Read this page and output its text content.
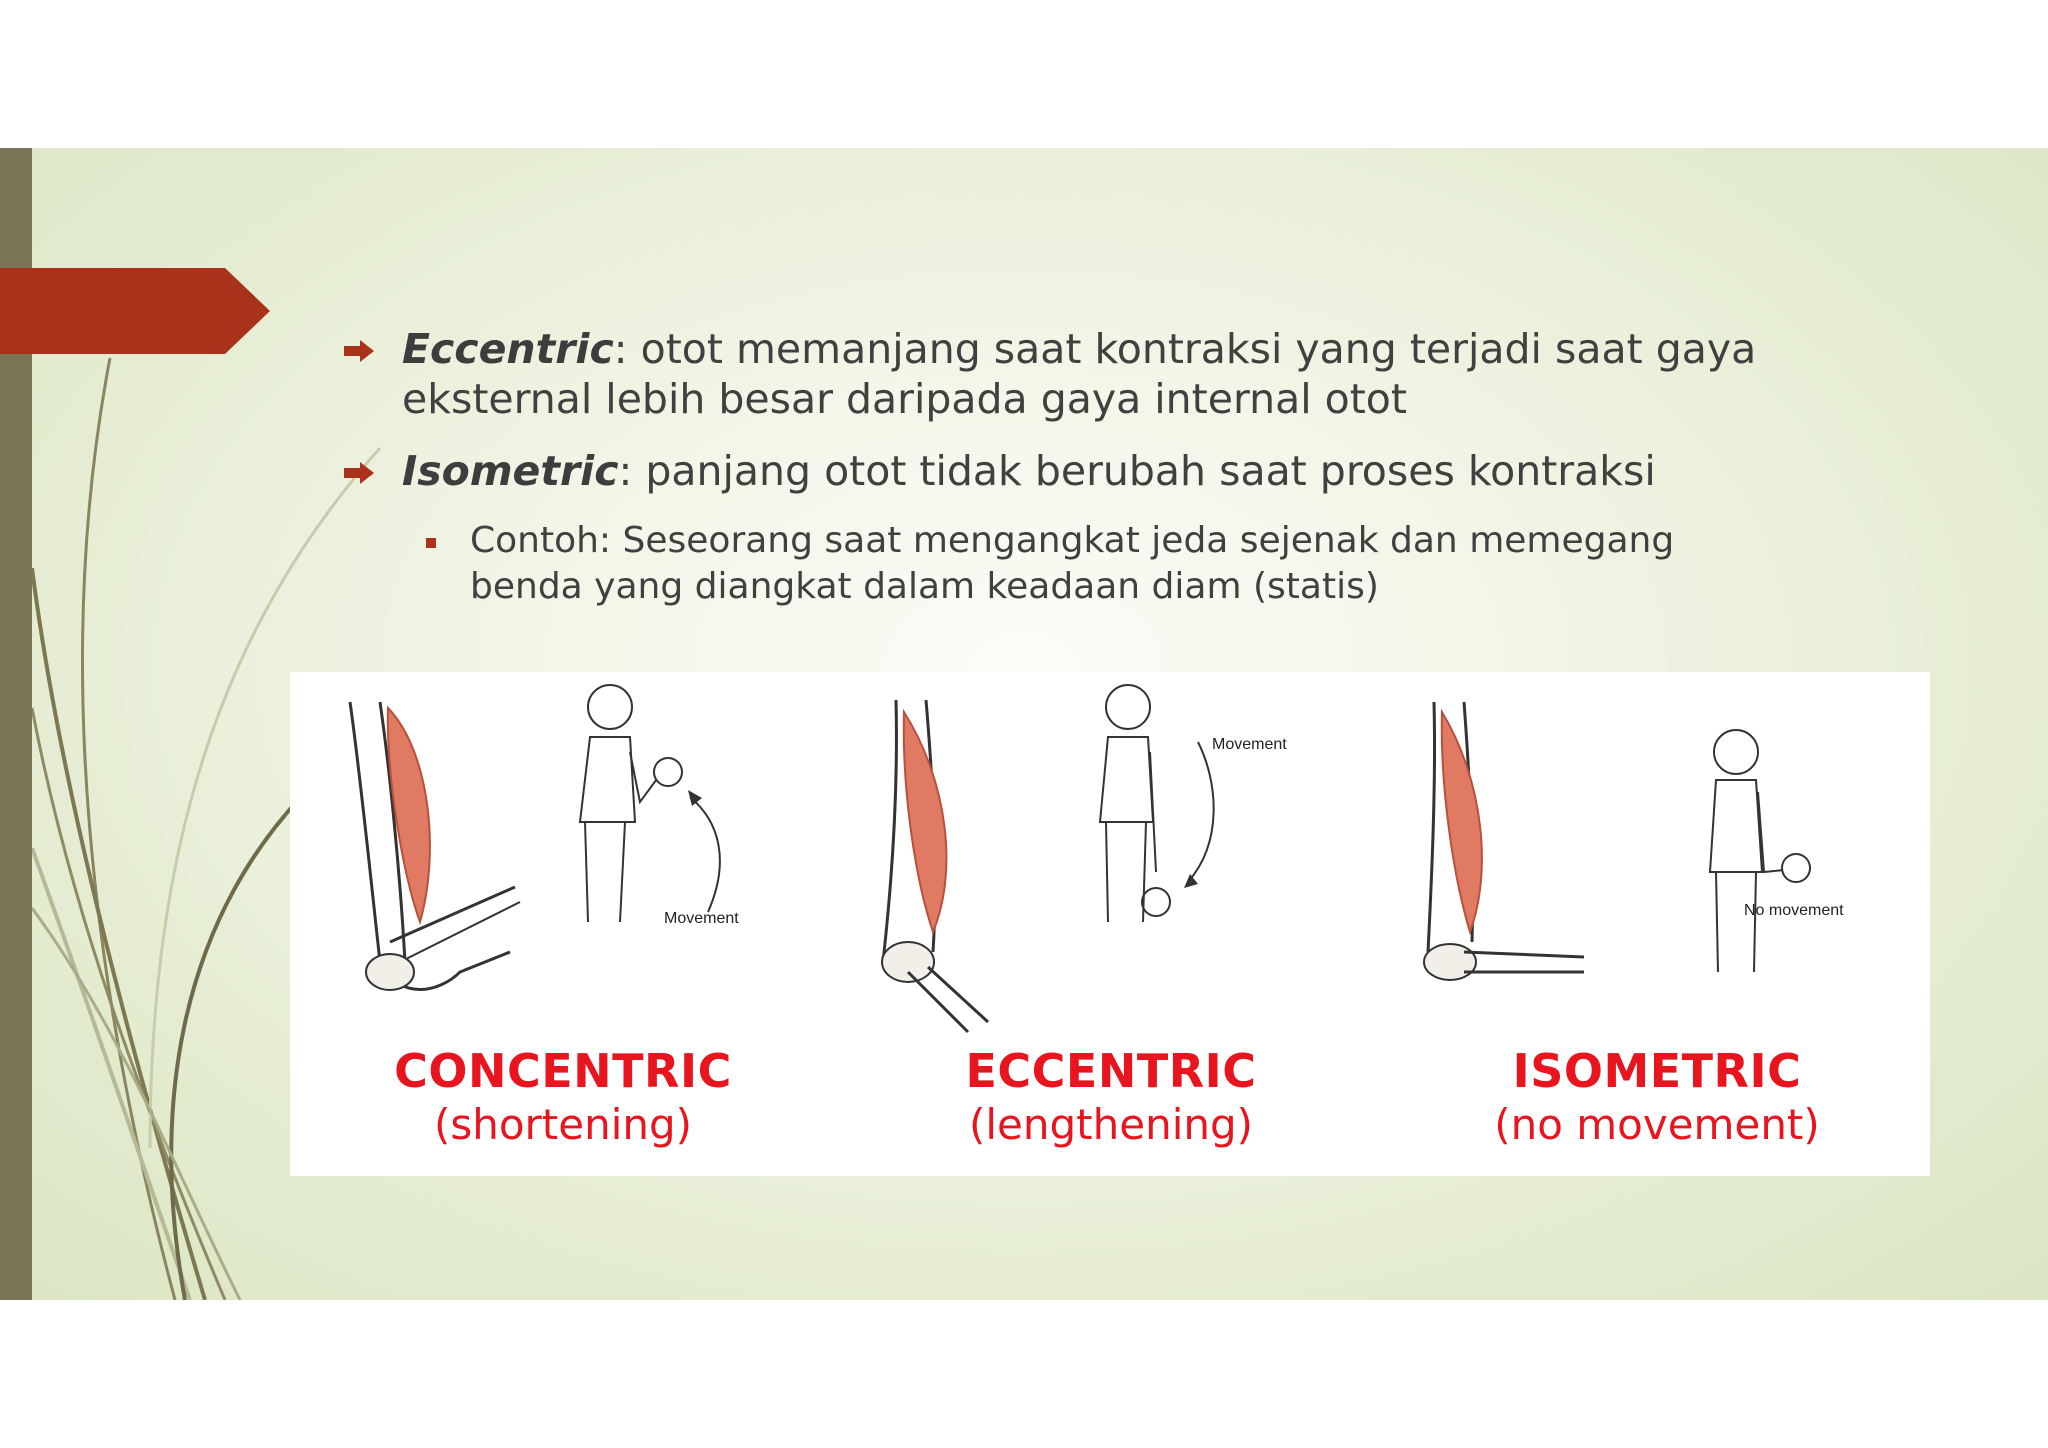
Eccentric: otot memanjang saat kontraksi yang terjadi saat gaya eksternal lebih besar daripada gaya internal otot
Isometric: panjang otot tidak berubah saat proses kontraksi
Contoh: Seseorang saat mengangkat jeda sejenak dan memegang benda yang diangkat dalam keadaan diam (statis)
Movement
CONCENTRIC
(shortening)
Movement
ECCENTRIC
(lengthening)
No movement
ISOMETRIC
(no movement)
